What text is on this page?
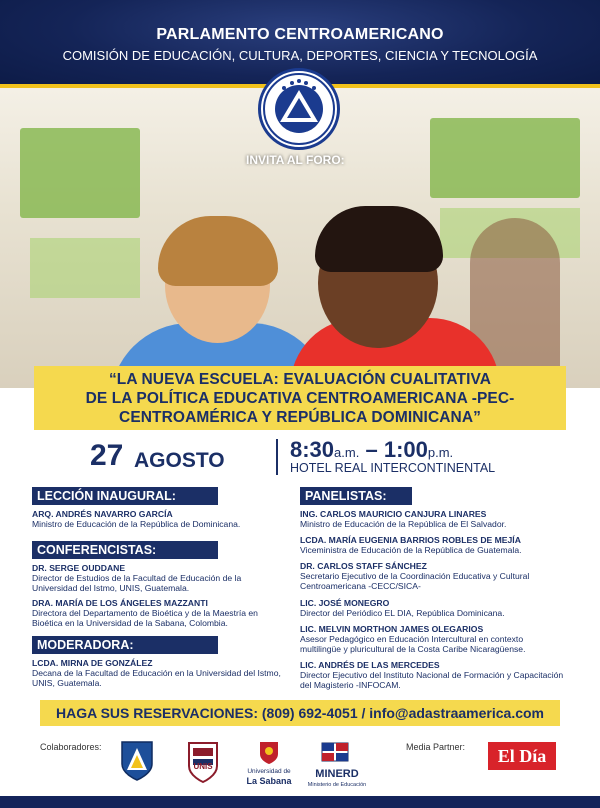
PARLAMENTO CENTROAMERICANO
COMISIÓN DE EDUCACIÓN, CULTURA, DEPORTES, CIENCIA Y TECNOLOGÍA
INVITA AL FORO:
“LA NUEVA ESCUELA: EVALUACIÓN CUALITATIVA
DE LA POLÍTICA EDUCATIVA CENTROAMERICANA -PEC-
CENTROAMÉRICA Y REPÚBLICA DOMINICANA”
27 AGOSTO	8:30a.m. – 1:00p.m.
HOTEL REAL INTERCONTINENTAL
LECCIÓN INAUGURAL:
ARQ. ANDRÉS NAVARRO GARCÍA
Ministro de Educación de la República de Dominicana.
CONFERENCISTAS:
DR. SERGE OUDDANE
Director de Estudios de la Facultad de Educación de la Universidad del Istmo, UNIS, Guatemala.
DRA. MARÍA DE LOS ÁNGELES MAZZANTI
Directora del Departamento de Bioética y de la Maestría en Bioética en la Universidad de la Sabana, Colombia.
MODERADORA:
LCDA. MIRNA DE GONZÁLEZ
Decana de la Facultad de Educación en la Universidad del Istmo, UNIS, Guatemala.
PANELISTAS:
ING. CARLOS MAURICIO CANJURA LINARES
Ministro de Educación de la República de El Salvador.
LCDA. MARÍA EUGENIA BARRIOS ROBLES DE MEJÍA
Viceministra de Educación de la República de Guatemala.
DR. CARLOS STAFF SÁNCHEZ
Secretario Ejecutivo de la Coordinación Educativa y Cultural Centroamericana -CECC/SICA-
LIC. JOSÉ MONEGRO
Director del Periódico EL DIA, República Dominicana.
LIC. MELVIN MORTHON JAMES OLEGARIOS
Asesor Pedagógico en Educación Intercultural en contexto multilingüe y pluricultural de la Costa Caribe Nicaragüense.
LIC. ANDRÉS DE LAS MERCEDES
Director Ejecutivo del Instituto Nacional de Formación y Capacitación del Magisterio -INFOCAM.
HAGA SUS RESERVACIONES: (809) 692-4051 / info@adastraamerica.com
Colaboradores:	Media Partner:
UNIS
Universidad de
La Sabana
MINERD
Ministerio de Educación
El Día
